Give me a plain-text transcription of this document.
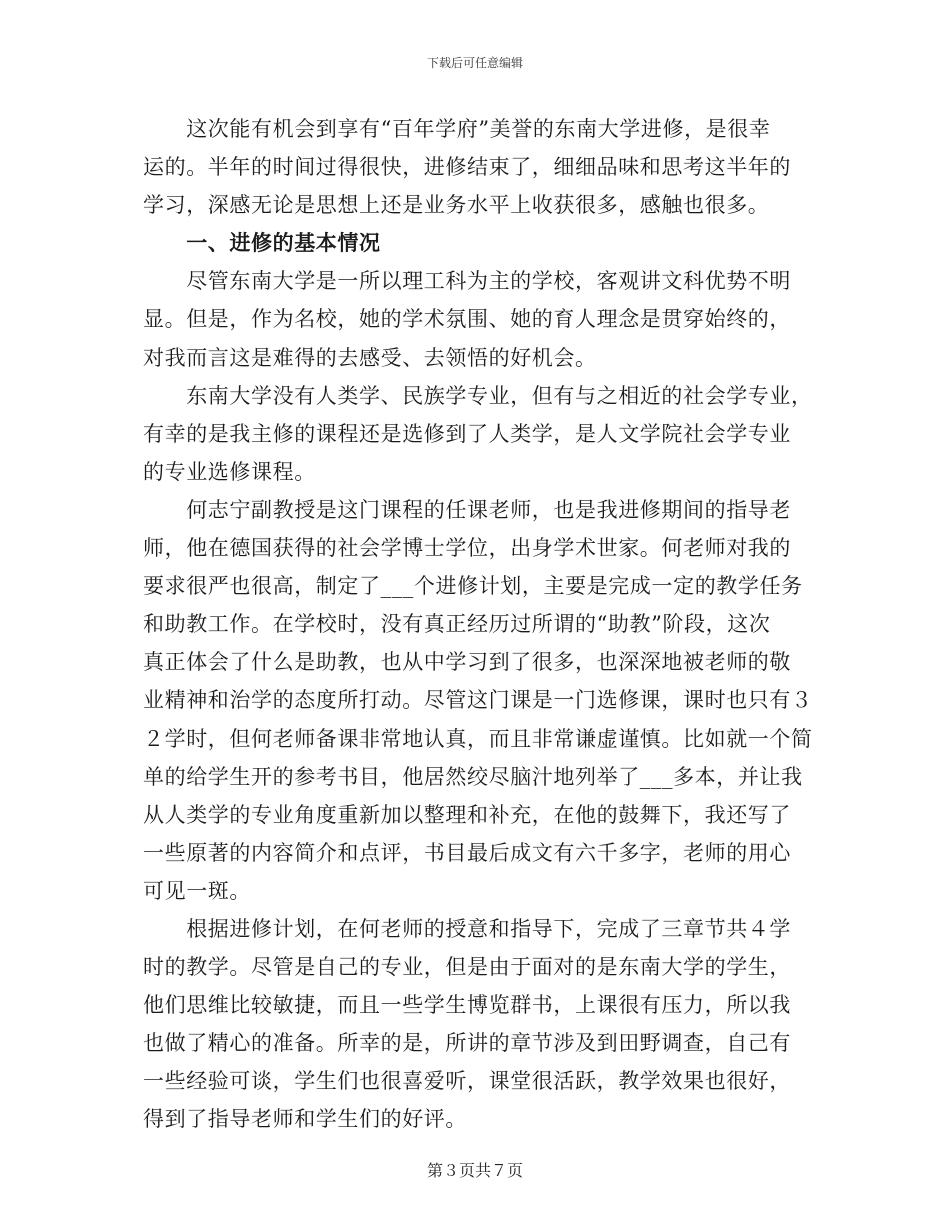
下载后可任意编辑
　　这次能有机会到享有“百年学府”美誉的东南大学进修，是很幸
运的。半年的时间过得很快，进修结束了，细细品味和思考这半年的
学习，深感无论是思想上还是业务水平上收获很多，感触也很多。
　　一、进修的基本情况
　　尽管东南大学是一所以理工科为主的学校，客观讲文科优势不明
显。但是，作为名校，她的学术氛围、她的育人理念是贯穿始终的，
对我而言这是难得的去感受、去领悟的好机会。
　　东南大学没有人类学、民族学专业，但有与之相近的社会学专业，
有幸的是我主修的课程还是选修到了人类学，是人文学院社会学专业
的专业选修课程。
　　何志宁副教授是这门课程的任课老师，也是我进修期间的指导老
师，他在德国获得的社会学博士学位，出身学术世家。何老师对我的
要求很严也很高，制定了___个进修计划，主要是完成一定的教学任务
和助教工作。在学校时，没有真正经历过所谓的“助教”阶段，这次
真正体会了什么是助教，也从中学习到了很多，也深深地被老师的敬
业精神和治学的态度所打动。尽管这门课是一门选修课，课时也只有３
２学时，但何老师备课非常地认真，而且非常谦虚谨慎。比如就一个简
单的给学生开的参考书目，他居然绞尽脑汁地列举了___多本，并让我
从人类学的专业角度重新加以整理和补充，在他的鼓舞下，我还写了
一些原著的内容简介和点评，书目最后成文有六千多字，老师的用心
可见一斑。
　　根据进修计划，在何老师的授意和指导下，完成了三章节共４学
时的教学。尽管是自己的专业，但是由于面对的是东南大学的学生，
他们思维比较敏捷，而且一些学生博览群书，上课很有压力，所以我
也做了精心的准备。所幸的是，所讲的章节涉及到田野调查，自己有
一些经验可谈，学生们也很喜爱听，课堂很活跃，教学效果也很好，
得到了指导老师和学生们的好评。
第３页共７页
